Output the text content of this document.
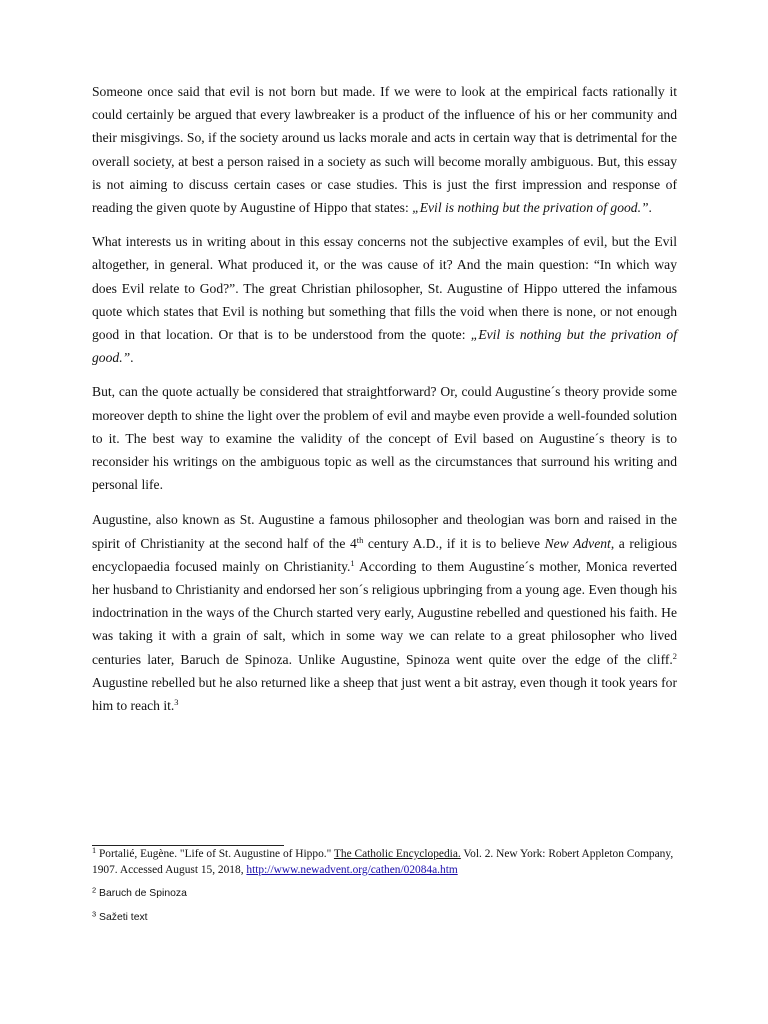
Someone once said that evil is not born but made. If we were to look at the empirical facts rationally it could certainly be argued that every lawbreaker is a product of the influence of his or her community and their misgivings. So, if the society around us lacks morale and acts in certain way that is detrimental for the overall society, at best a person raised in a society as such will become morally ambiguous. But, this essay is not aiming to discuss certain cases or case studies. This is just the first impression and response of reading the given quote by Augustine of Hippo that states: „Evil is nothing but the privation of good.”.

What interests us in writing about in this essay concerns not the subjective examples of evil, but the Evil altogether, in general. What produced it, or the was cause of it? And the main question: “In which way does Evil relate to God?”. The great Christian philosopher, St. Augustine of Hippo uttered the infamous quote which states that Evil is nothing but something that fills the void when there is none, or not enough good in that location. Or that is to be understood from the quote: „Evil is nothing but the privation of good.”.

But, can the quote actually be considered that straightforward? Or, could Augustine´s theory provide some moreover depth to shine the light over the problem of evil and maybe even provide a well-founded solution to it. The best way to examine the validity of the concept of Evil based on Augustine´s theory is to reconsider his writings on the ambiguous topic as well as the circumstances that surround his writing and personal life.

Augustine, also known as St. Augustine a famous philosopher and theologian was born and raised in the spirit of Christianity at the second half of the 4th century A.D., if it is to believe New Advent, a religious encyclopaedia focused mainly on Christianity.$^1$ According to them Augustine´s mother, Monica reverted her husband to Christianity and endorsed her son´s religious upbringing from a young age. Even though his indoctrination in the ways of the Church started very early, Augustine rebelled and questioned his faith. He was taking it with a grain of salt, which in some way we can relate to a great philosopher who lived centuries later, Baruch de Spinoza. Unlike Augustine, Spinoza went quite over the edge of the cliff.$^2$ Augustine rebelled but he also returned like a sheep that just went a bit astray, even though it took years for him to reach it.$^3$

$^1$ Portalié, Eugène. "Life of St. Augustine of Hippo." The Catholic Encyclopedia. Vol. 2. New York: Robert Appleton Company, 1907. Accessed August 15, 2018, http://www.newadvent.org/cathen/02084a.htm

$^2$ Baruch de Spinoza

$^3$ Sažeti text
